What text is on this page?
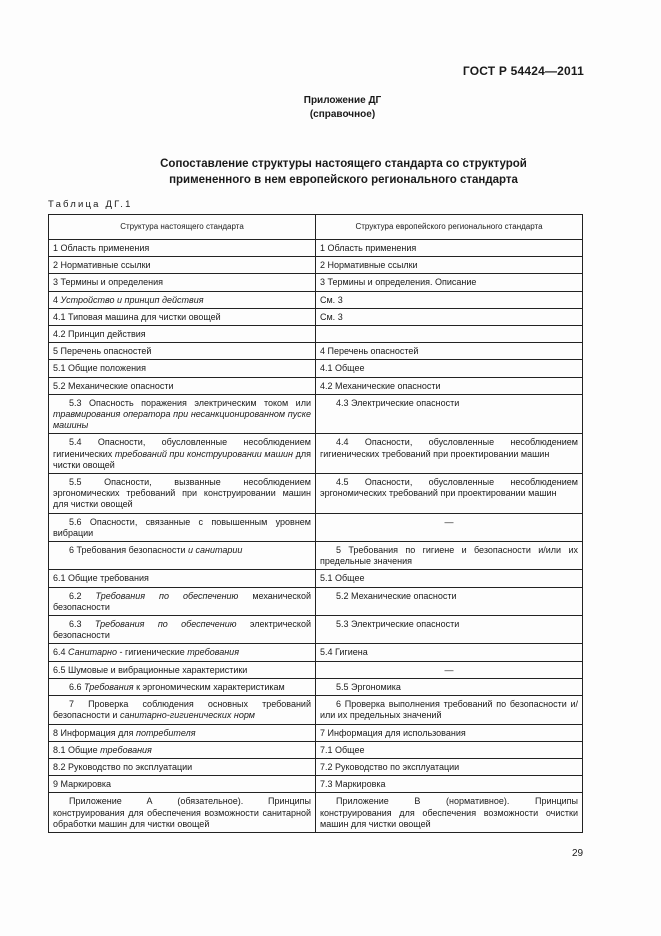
ГОСТ Р 54424—2011
Приложение ДГ
(справочное)
Сопоставление структуры настоящего стандарта со структурой
примененного в нем европейского регионального стандарта
Таблица ДГ.1
Структура настоящего стандарта	Структура европейского регионального стандарта
1 Область применения	1 Область применения
2 Нормативные ссылки	2 Нормативные ссылки
3 Термины и определения	3 Термины и определения. Описание
4 Устройство и принцип действия	См. 3
4.1 Типовая машина для чистки овощей	См. 3
4.2 Принцип действия	
5 Перечень опасностей	4 Перечень опасностей
5.1 Общие положения	4.1 Общее
5.2 Механические опасности	4.2 Механические опасности
5.3 Опасность поражения электрическим током или травмирования оператора при несанкционированном пуске машины	4.3 Электрические опасности
5.4 Опасности, обусловленные несоблюдением гигиенических требований при конструировании машин для чистки овощей	4.4 Опасности, обусловленные несоблюдением гигиенических требований при проектировании машин
5.5 Опасности, вызванные несоблюдением эргономических требований при конструировании машин для чистки овощей	4.5 Опасности, обусловленные несоблюдением эргономических требований при проектировании машин
5.6 Опасности, связанные с повышенным уровнем вибрации	—
6 Требования безопасности и санитарии	5 Требования по гигиене и безопасности и/или их предельные значения
6.1 Общие требования	5.1 Общее
6.2 Требования по обеспечению механической безопасности	5.2 Механические опасности
6.3 Требования по обеспечению электрической безопасности	5.3 Электрические опасности
6.4 Санитарно - гигиенические требования	5.4 Гигиена
6.5 Шумовые и вибрационные характеристики	—
6.6 Требования к эргономическим характеристикам	5.5 Эргономика
7 Проверка соблюдения основных требований безопасности и санитарно-гигиенических норм	6 Проверка выполнения требований по безопасности и/или их предельных значений
8 Информация для потребителя	7 Информация для использования
8.1 Общие требования	7.1 Общее
8.2 Руководство по эксплуатации	7.2 Руководство по эксплуатации
9 Маркировка	7.3 Маркировка
Приложение А (обязательное). Принципы конструирования для обеспечения возможности санитарной обработки машин для чистки овощей	Приложение В (нормативное). Принципы конструирования для обеспечения возможности очистки машин для чистки овощей
29
